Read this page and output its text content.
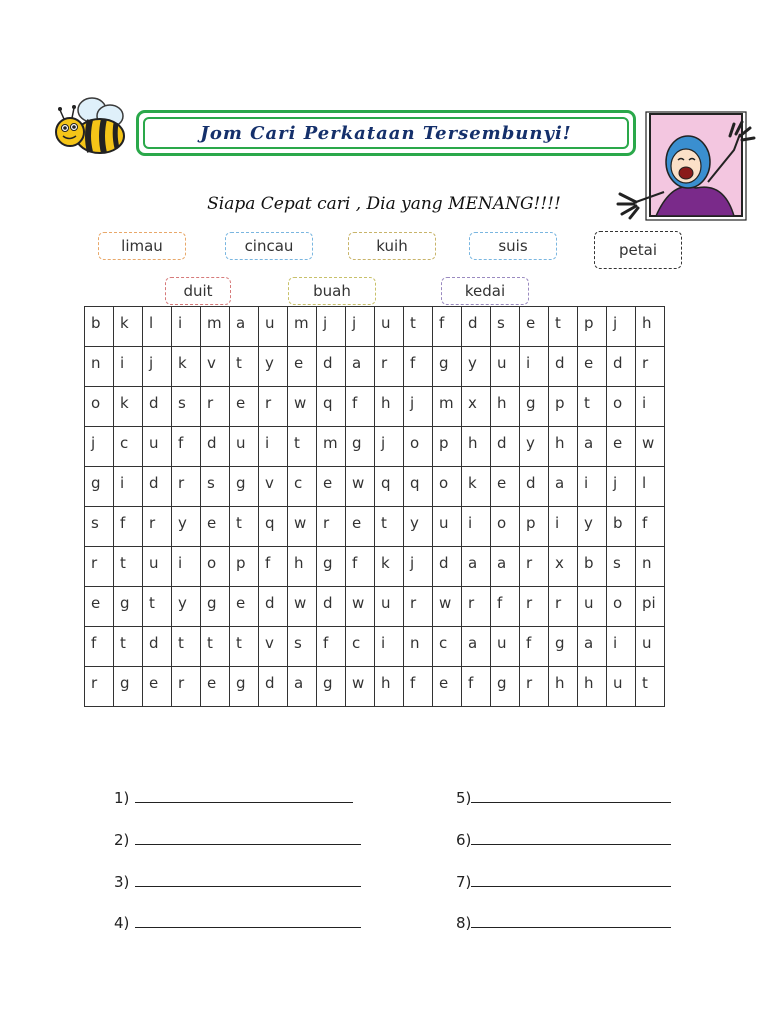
Jom Cari Perkataan Tersembunyi!
Siapa Cepat cari , Dia yang MENANG!!!!
limau	cincau	kuih	suis	petai
duit	buah	kedai
b	k	l	i	m	a	u	m	j	j	u	t	f	d	s	e	t	p	j	h
n	i	j	k	v	t	y	e	d	a	r	f	g	y	u	i	d	e	d	r
o	k	d	s	r	e	r	w	q	f	h	j	m	x	h	g	p	t	o	i
j	c	u	f	d	u	i	t	m	g	j	o	p	h	d	y	h	a	e	w
g	i	d	r	s	g	v	c	e	w	q	q	o	k	e	d	a	i	j	l
s	f	r	y	e	t	q	w	r	e	t	y	u	i	o	p	i	y	b	f
r	t	u	i	o	p	f	h	g	f	k	j	d	a	a	r	x	b	s	n
e	g	t	y	g	e	d	w	d	w	u	r	w	r	f	r	r	u	o	pi
f	t	d	t	t	t	v	s	f	c	i	n	c	a	u	f	g	a	i	u
r	g	e	r	e	g	d	a	g	w	h	f	e	f	g	r	h	h	u	t
1)
2)
3)
4)
5)
6)
7)
8)
